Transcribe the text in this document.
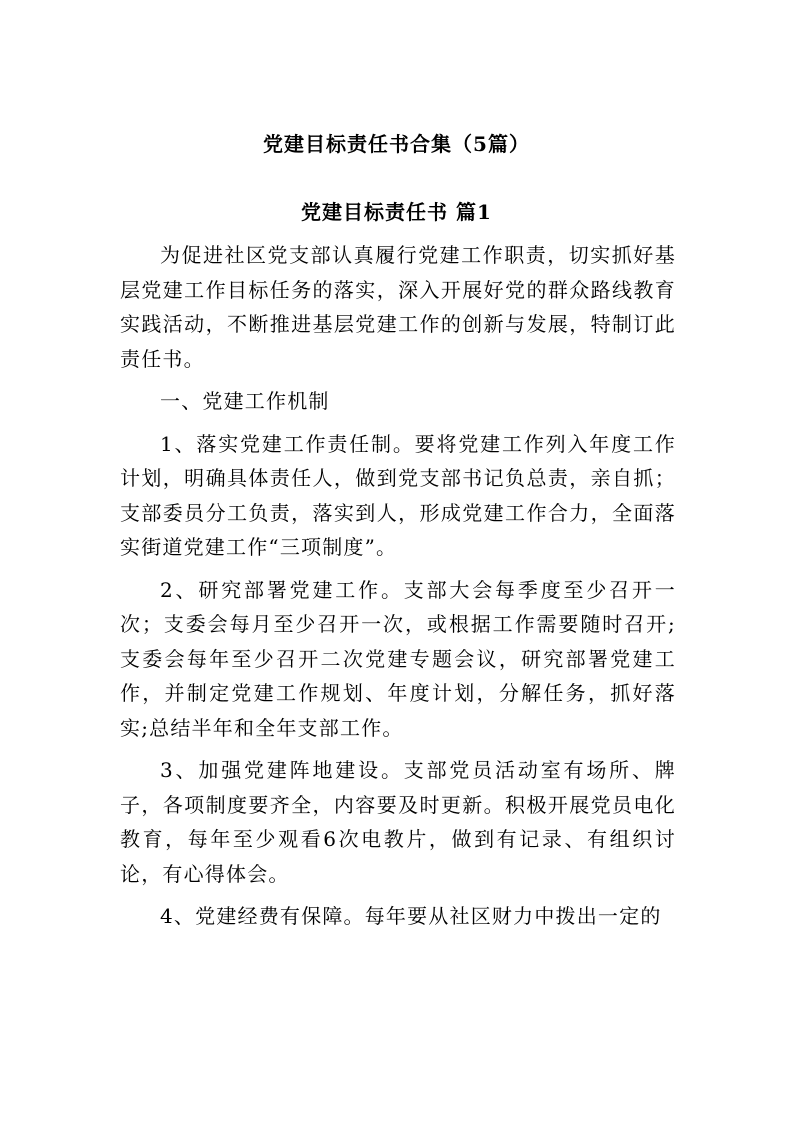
党建目标责任书合集（5篇）
党建目标责任书 篇1

为促进社区党支部认真履行党建工作职责，切实抓好基层党建工作目标任务的落实，深入开展好党的群众路线教育实践活动，不断推进基层党建工作的创新与发展，特制订此责任书。

一、党建工作机制

1、落实党建工作责任制。要将党建工作列入年度工作计划，明确具体责任人，做到党支部书记负总责，亲自抓；支部委员分工负责，落实到人，形成党建工作合力，全面落实街道党建工作“三项制度”。

2、研究部署党建工作。支部大会每季度至少召开一次；支委会每月至少召开一次，或根据工作需要随时召开;支委会每年至少召开二次党建专题会议，研究部署党建工作，并制定党建工作规划、年度计划，分解任务，抓好落实;总结半年和全年支部工作。

3、加强党建阵地建设。支部党员活动室有场所、牌子，各项制度要齐全，内容要及时更新。积极开展党员电化教育，每年至少观看6次电教片，做到有记录、有组织讨论，有心得体会。

4、党建经费有保障。每年要从社区财力中拨出一定的
